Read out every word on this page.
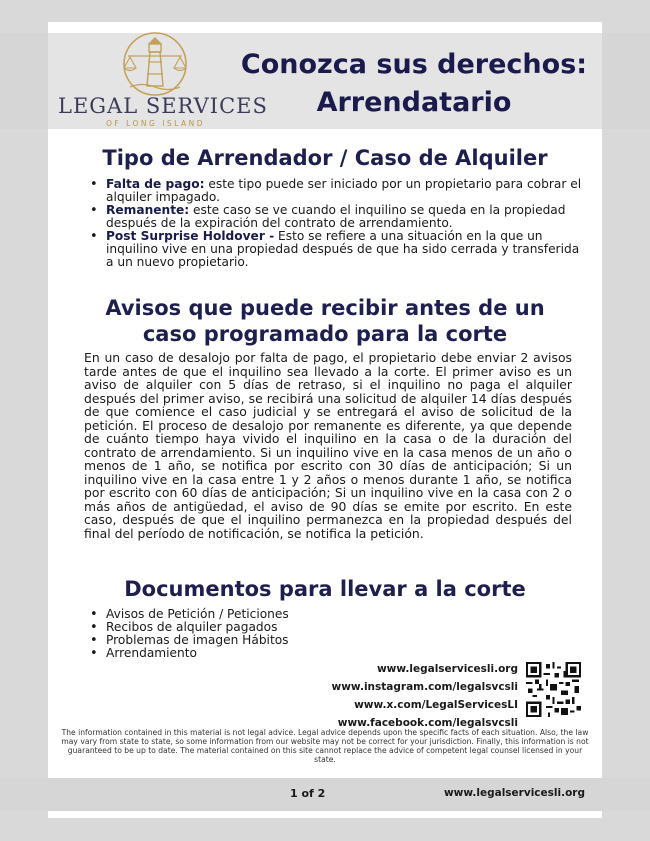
LEGAL SERVICES
OF LONG ISLAND
Conozca sus derechos:
Arrendatario
Tipo de Arrendador / Caso de Alquiler
• Falta de pago: este tipo puede ser iniciado por un propietario para cobrar el alquiler impagado.
• Remanente: este caso se ve cuando el inquilino se queda en la propiedad después de la expiración del contrato de arrendamiento.
• Post Surprise Holdover - Esto se refiere a una situación en la que un inquilino vive en una propiedad después de que ha sido cerrada y transferida a un nuevo propietario.
Avisos que puede recibir antes de un
caso programado para la corte

En un caso de desalojo por falta de pago, el propietario debe enviar 2 avisos tarde antes de que el inquilino sea llevado a la corte. El primer aviso es un aviso de alquiler con 5 días de retraso, si el inquilino no paga el alquiler después del primer aviso, se recibirá una solicitud de alquiler 14 días después de que comience el caso judicial y se entregará el aviso de solicitud de la petición. El proceso de desalojo por remanente es diferente, ya que depende de cuánto tiempo haya vivido el inquilino en la casa o de la duración del contrato de arrendamiento. Si un inquilino vive en la casa menos de un año o menos de 1 año, se notifica por escrito con 30 días de anticipación; Si un inquilino vive en la casa entre 1 y 2 años o menos durante 1 año, se notifica por escrito con 60 días de anticipación; Si un inquilino vive en la casa con 2 o más años de antigüedad, el aviso de 90 días se emite por escrito. En este caso, después de que el inquilino permanezca en la propiedad después del final del período de notificación, se notifica la petición.

Documentos para llevar a la corte
• Avisos de Petición / Peticiones
• Recibos de alquiler pagados
• Problemas de imagen Hábitos
• Arrendamiento
www.legalservicesli.org
www.instagram.com/legalsvcsli
www.x.com/LegalServicesLI
www.facebook.com/legalsvcsli

The information contained in this material is not legal advice. Legal advice depends upon the specific facts of each situation. Also, the law may vary from state to state, so some information from our website may not be correct for your jurisdiction. Finally, this information is not guaranteed to be up to date. The material contained on this site cannot replace the advice of competent legal counsel licensed in your state.

1 of 2	www.legalservicesli.org
